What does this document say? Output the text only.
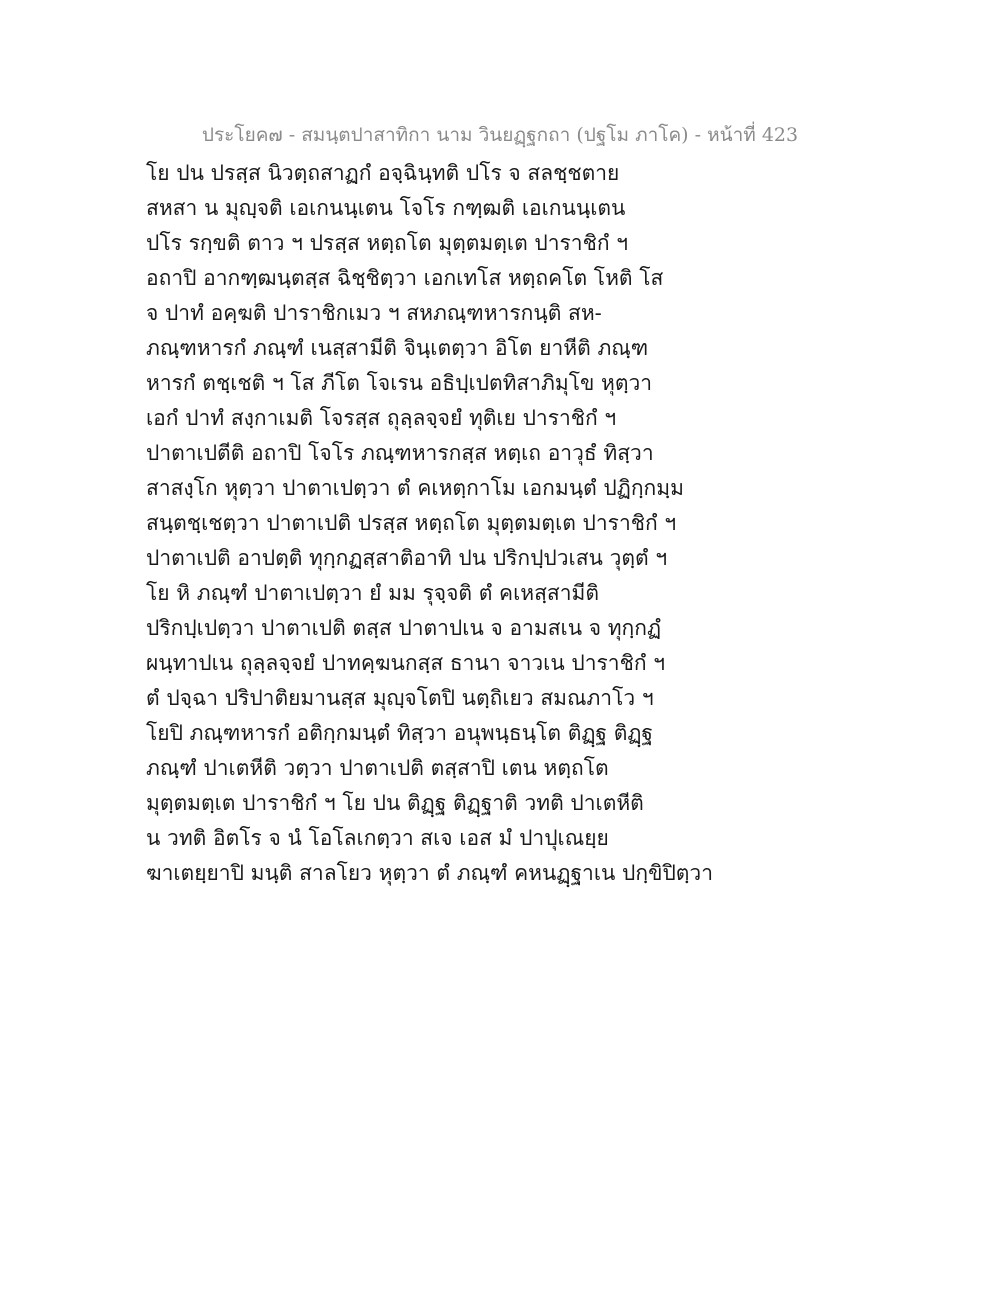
ประโยค๗ - สมนฺตปาสาทิกา นาม วินยฏฺฐกถา (ปฐโม ภาโค) - หน้าที่ 423
โย ปน ปรสฺส นิวตฺถสาฏกํ อจฺฉินฺทติ ปโร จ สลชฺชตาย
สหสา น มุญฺจติ เอเกนนฺเตน โจโร กฑฺฒติ เอเกนนฺเตน
ปโร รกฺขติ ตาว ฯ ปรสฺส หตฺถโต มุตฺตมตฺเต ปาราชิกํ ฯ
อถาปิ อากฑฺฒนฺตสฺส ฉิชฺชิตฺวา เอกเทโส หตฺถคโต โหติ โส
จ ปาทํ อคฺฆติ ปาราชิกเมว ฯ สหภณฺฑหารกนฺติ สห-
ภณฺฑหารกํ ภณฺฑํ เนสฺสามีติ จินฺเตตฺวา อิโต ยาหีติ ภณฺฑ
หารกํ ตชฺเชติ ฯ โส ภีโต โจเรน อธิปฺเปตทิสาภิมุโข หุตฺวา
เอกํ ปาทํ สงฺกาเมติ โจรสฺส ถุลฺลจฺจยํ ทุติเย ปาราชิกํ ฯ
ปาตาเปตีติ อถาปิ โจโร ภณฺฑหารกสฺส หตฺเถ อาวุธํ ทิสฺวา
สาสงฺโก หุตฺวา ปาตาเปตฺวา ตํ คเหตฺกาโม เอกมนฺตํ ปฏิกฺกมฺม
สนฺตชฺเชตฺวา ปาตาเปติ ปรสฺส หตฺถโต มุตฺตมตฺเต ปาราชิกํ ฯ
ปาตาเปติ อาปตฺติ ทุกฺกฏสฺสาติอาทิ ปน ปริกปฺปวเสน วุตฺตํ ฯ
โย หิ ภณฺฑํ ปาตาเปตฺวา ยํ มม รุจฺจติ ตํ คเหสฺสามีติ
ปริกปฺเปตฺวา ปาตาเปติ ตสฺส ปาตาปเน จ อามสเน จ ทุกฺกฏํ
ผนฺทาปเน ถุลฺลจฺจยํ ปาทคฺฆนกสฺส ธานา จาวเน ปาราชิกํ ฯ
ตํ ปจฺฉา ปริปาติยมานสฺส มุญฺจโตปิ นตฺถิเยว สมณภาโว ฯ
โยปิ ภณฺฑหารกํ อติกฺกมนฺตํ ทิสฺวา อนุพนฺธนฺโต ติฏฺฐ ติฏฺฐ
ภณฺฑํ ปาเตหีติ วตฺวา ปาตาเปติ ตสฺสาปิ เตน หตฺถโต
มุตฺตมตฺเต ปาราชิกํ ฯ โย ปน ติฏฺฐ ติฏฺฐาติ วทติ ปาเตหีติ
น วทติ อิตโร จ นํ โอโลเกตฺวา สเจ เอส มํ ปาปุเณยฺย
ฆาเตยฺยาปิ มนฺติ สาลโยว หุตฺวา ตํ ภณฺฑํ คหนฏฺฐาเน ปกฺขิปิตฺวา
